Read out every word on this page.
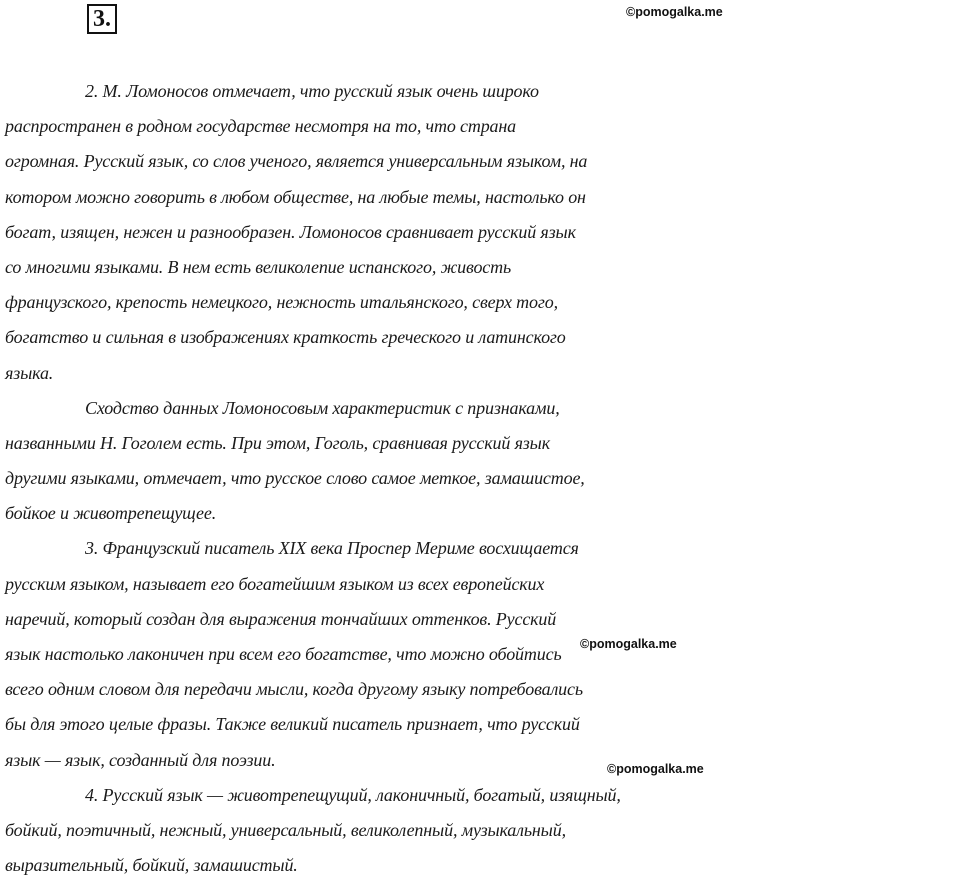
3.	©pomogalka.me
2. М. Ломоносов отмечает, что русский язык очень широко
распространен в родном государстве несмотря на то, что страна
огромная. Русский язык, со слов ученого, является универсальным языком, на
котором можно говорить в любом обществе, на любые темы, настолько он
богат, изящен, нежен и разнообразен. Ломоносов сравнивает русский язык
со многими языками. В нем есть великолепие испанского, живость
французского, крепость немецкого, нежность итальянского, сверх того,
богатство и сильная в изображениях краткость греческого и латинского
языка.
Сходство данных Ломоносовым характеристик с признаками,
названными Н. Гоголем есть. При этом, Гоголь, сравнивая русский язык
другими языками, отмечает, что русское слово самое меткое, замашистое,
бойкое и животрепещущее.
3. Французский писатель XIX века Проспер Мериме восхищается
русским языком, называет его богатейшим языком из всех европейских
наречий, который создан для выражения тончайших оттенков. Русский
язык настолько лаконичен при всем его богатстве, что можно обойтись
всего одним словом для передачи мысли, когда другому языку потребовались
бы для этого целые фразы. Также великий писатель признает, что русский
язык — язык, созданный для поэзии.
4. Русский язык — животрепещущий, лаконичный, богатый, изящный,
бойкий, поэтичный, нежный, универсальный, великолепный, музыкальный,
выразительный, бойкий, замашистый.
©pomogalka.me
©pomogalka.me
